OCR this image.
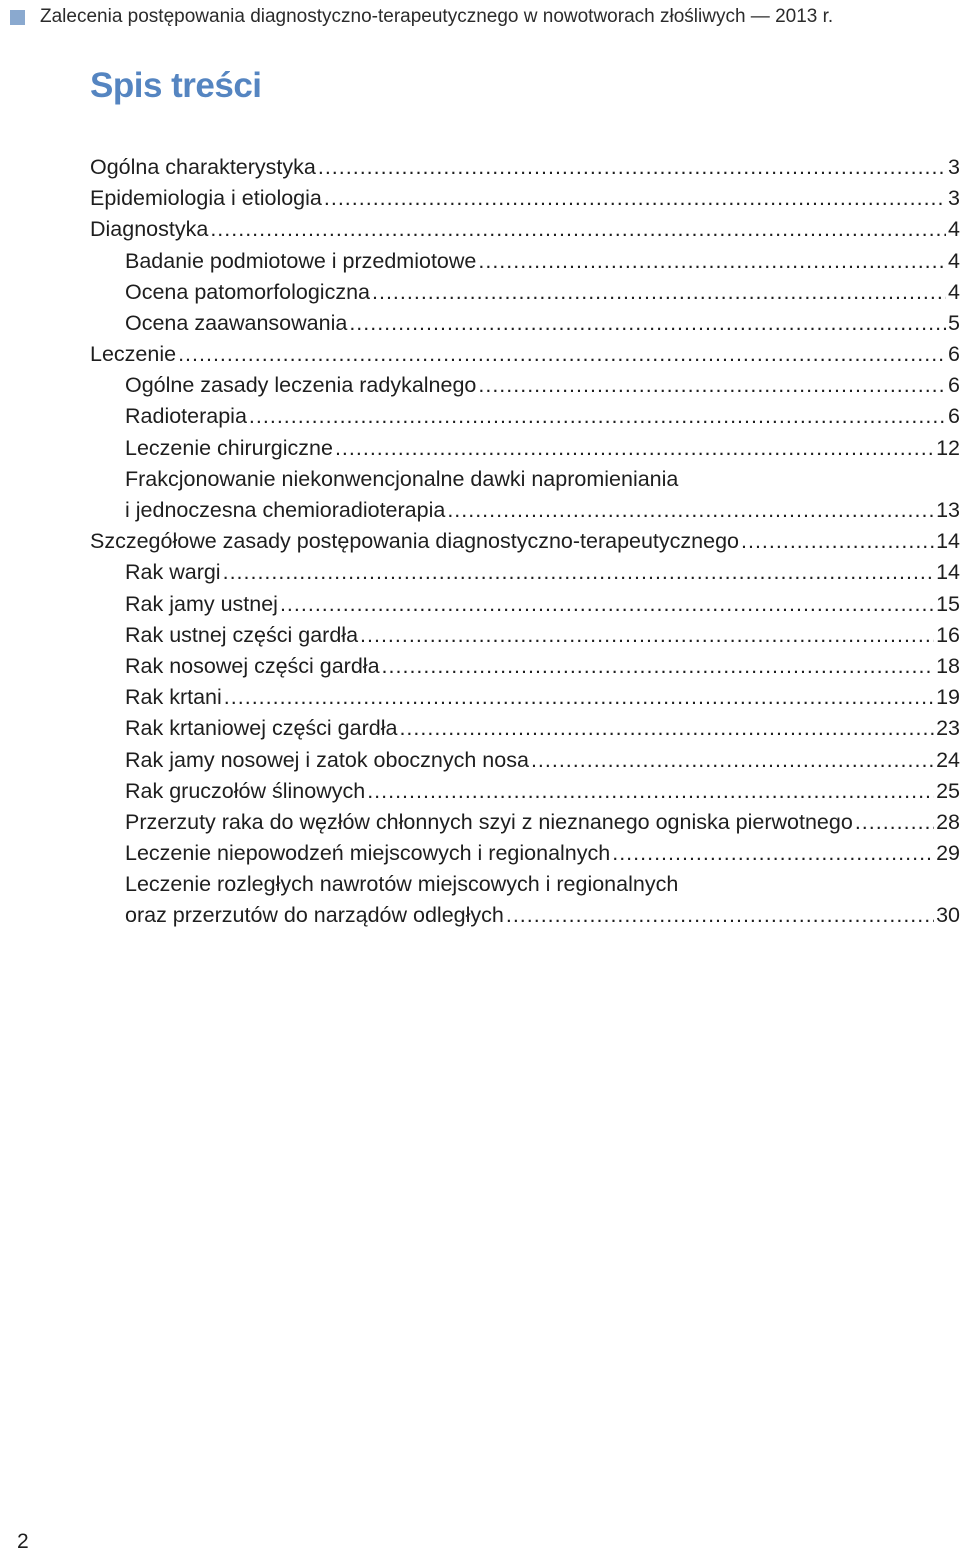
Zalecenia postępowania diagnostyczno-terapeutycznego w nowotworach złośliwych — 2013 r.
Spis treści
Ogólna charakterystyka .....	3
Epidemiologia i etiologia .....	3
Diagnostyka .....	4
Badanie podmiotowe i przedmiotowe .....	4
Ocena patomorfologiczna .....	4
Ocena zaawansowania .....	5
Leczenie .....	6
Ogólne zasady leczenia radykalnego .....	6
Radioterapia .....	6
Leczenie chirurgiczne .....	12
Frakcjonowanie niekonwencjonalne dawki napromieniania
i jednoczesna chemioradioterapia .....	13
Szczegółowe zasady postępowania diagnostyczno-terapeutycznego .....	14
Rak wargi .....	14
Rak jamy ustnej .....	15
Rak ustnej części gardła .....	16
Rak nosowej części gardła .....	18
Rak krtani .....	19
Rak krtaniowej części gardła .....	23
Rak jamy nosowej i zatok obocznych nosa .....	24
Rak gruczołów ślinowych .....	25
Przerzuty raka do węzłów chłonnych szyi z nieznanego ogniska pierwotnego .....	28
Leczenie niepowodzeń miejscowych i regionalnych .....	29
Leczenie rozległych nawrotów miejscowych i regionalnych
oraz przerzutów do narządów odległych .....	30
2
